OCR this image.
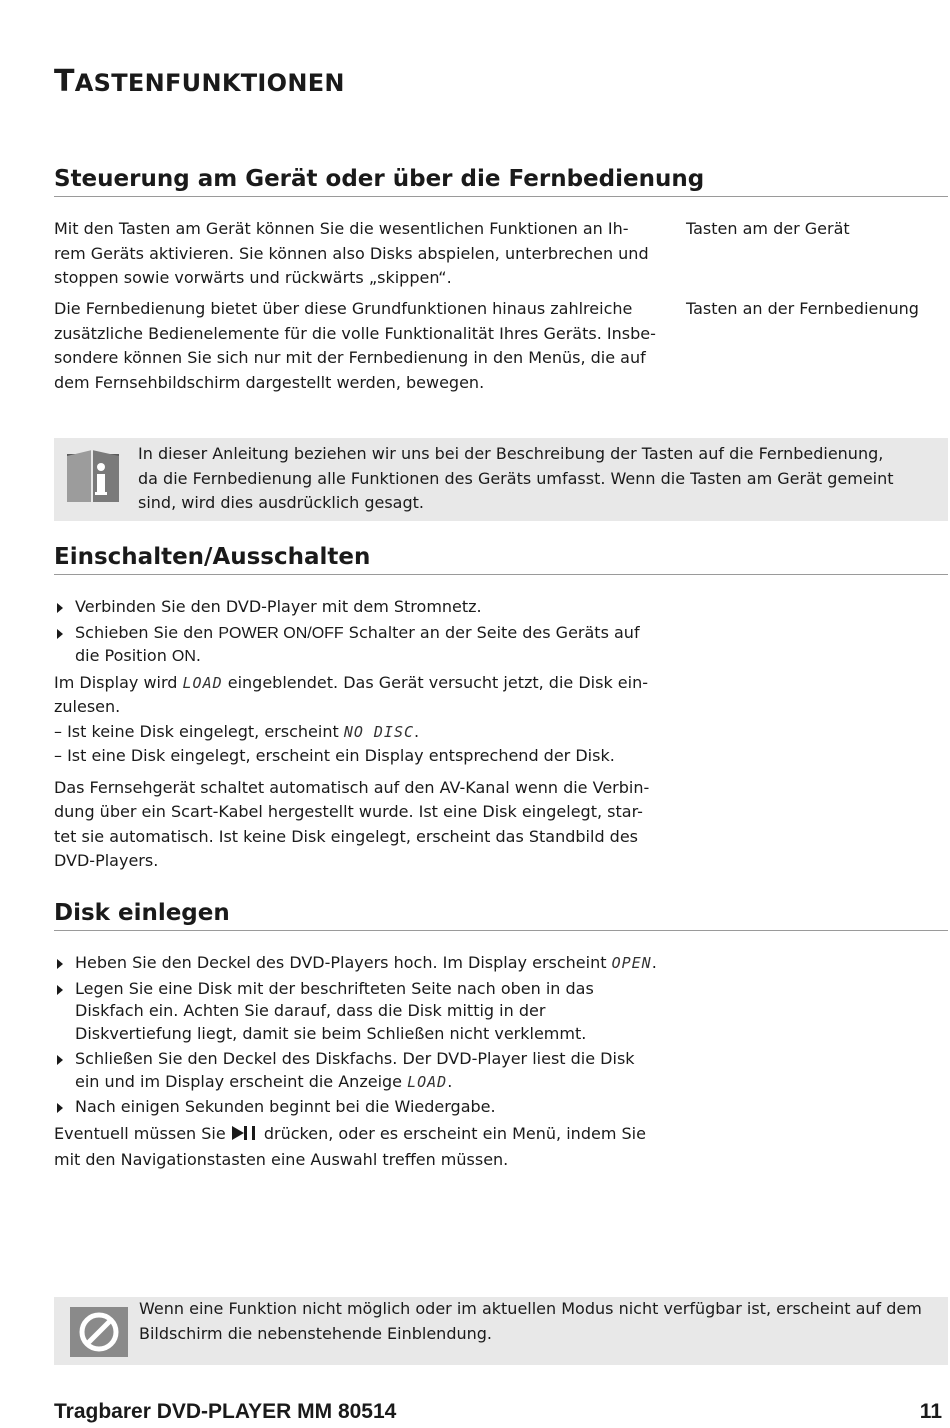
TASTENFUNKTIONEN
Steuerung am Gerät oder über die Fernbedienung

Mit den Tasten am Gerät können Sie die wesentlichen Funktionen an Ih-

rem Geräts aktivieren. Sie können also Disks abspielen, unterbrechen und

stoppen sowie vorwärts und rückwärts „skippen“.

Tasten am der Gerät

Die Fernbedienung bietet über diese Grundfunktionen hinaus zahlreiche

zusätzliche Bedienelemente für die volle Funktionalität Ihres Geräts. Insbe-

sondere können Sie sich nur mit der Fernbedienung in den Menüs, die auf

dem Fernsehbildschirm dargestellt werden, bewegen.

Tasten an der Fernbedienung

In dieser Anleitung beziehen wir uns bei der Beschreibung der Tasten auf die Fernbedienung,

da die Fernbedienung alle Funktionen des Geräts umfasst. Wenn die Tasten am Gerät gemeint

sind, wird dies ausdrücklich gesagt.

Einschalten/Ausschalten
Verbinden Sie den DVD-Player mit dem Stromnetz.
Schieben Sie den POWER ON/OFF Schalter an der Seite des Geräts auf
die Position ON.

Im Display wird LOAD eingeblendet. Das Gerät versucht jetzt, die Disk ein-
zulesen.

– Ist keine Disk eingelegt, erscheint NO DISC.

– Ist eine Disk eingelegt, erscheint ein Display entsprechend der Disk.

Das Fernsehgerät schaltet automatisch auf den AV-Kanal wenn die Verbin-

dung über ein Scart-Kabel hergestellt wurde. Ist eine Disk eingelegt, star-

tet sie automatisch. Ist keine Disk eingelegt, erscheint das Standbild des

DVD-Players.

Disk einlegen
Heben Sie den Deckel des DVD-Players hoch. Im Display erscheint OPEN.
Legen Sie eine Disk mit der beschrifteten Seite nach oben in das Diskfach ein. Achten Sie darauf, dass die Disk mittig in der Diskvertiefung liegt, damit sie beim Schließen nicht verklemmt.
Schließen Sie den Deckel des Diskfachs. Der DVD-Player liest die Disk ein und im Display erscheint die Anzeige LOAD.
Nach einigen Sekunden beginnt bei die Wiedergabe.

Eventuell müssen Sie  drücken, oder es erscheint ein Menü, indem Sie
mit den Navigationstasten eine Auswahl treffen müssen.

Wenn eine Funktion nicht möglich oder im aktuellen Modus nicht verfügbar ist, erscheint auf dem

Bildschirm die nebenstehende Einblendung.

Tragbarer DVD-PLAYER MM 80514	11
